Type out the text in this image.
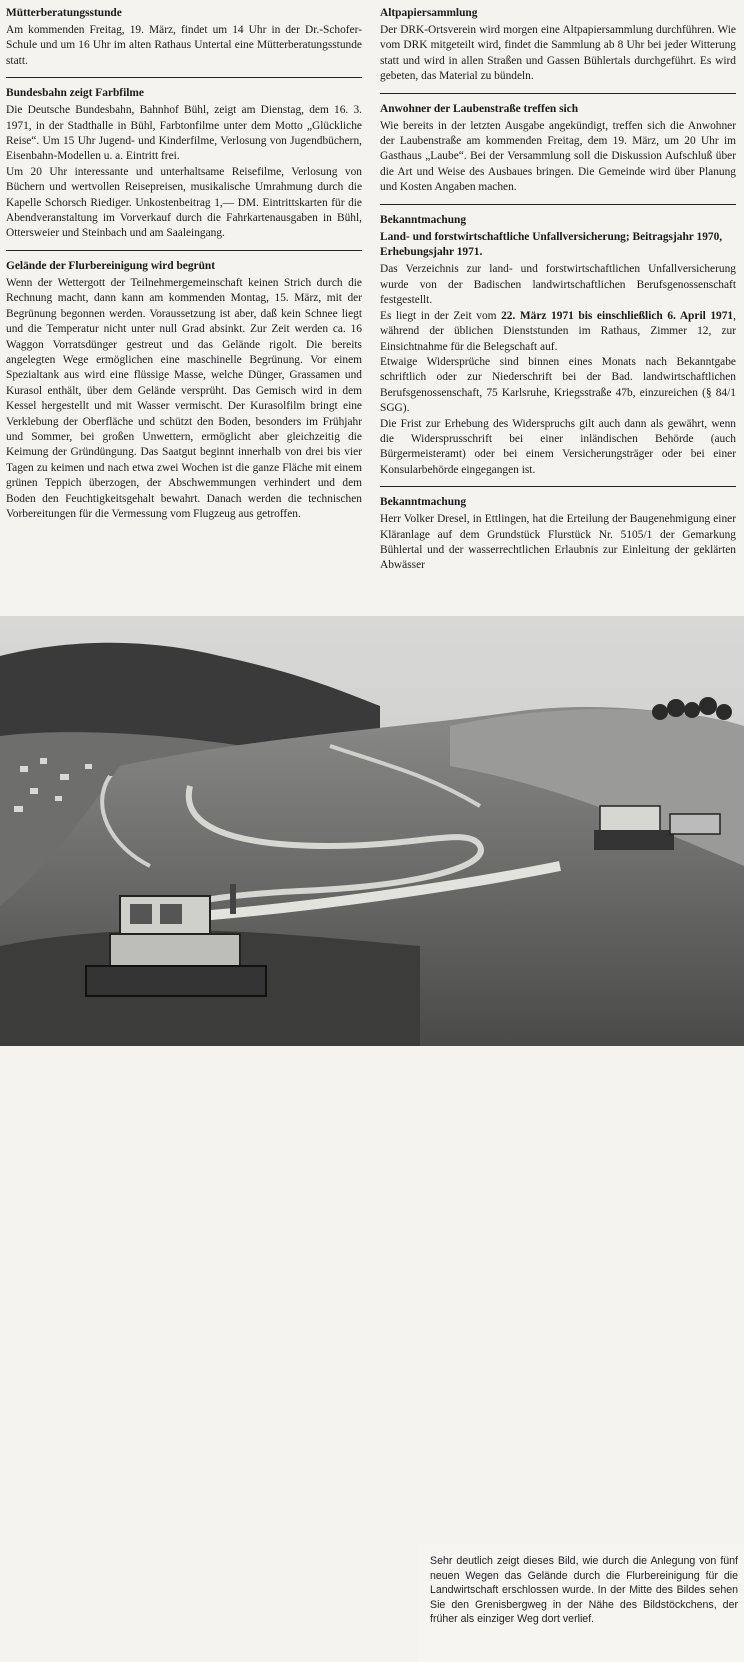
Mütterberatungsstunde

Am kommenden Freitag, 19. März, findet um 14 Uhr in der Dr.-Schofer-Schule und um 16 Uhr im alten Rathaus Untertal eine Mütterberatungsstunde statt.

Bundesbahn zeigt Farbfilme

Die Deutsche Bundesbahn, Bahnhof Bühl, zeigt am Dienstag, dem 16. 3. 1971, in der Stadthalle in Bühl, Farbtonfilme unter dem Motto „Glückliche Reise“. Um 15 Uhr Jugend- und Kinderfilme, Verlosung von Jugendbüchern, Eisenbahn-Modellen u. a. Eintritt frei.

Um 20 Uhr interessante und unterhaltsame Reisefilme, Verlosung von Büchern und wertvollen Reisepreisen, musikalische Umrahmung durch die Kapelle Schorsch Riediger. Unkostenbeitrag 1,— DM. Eintrittskarten für die Abendveranstaltung im Vorverkauf durch die Fahrkartenausgaben in Bühl, Ottersweier und Steinbach und am Saaleingang.

Gelände der Flurbereinigung wird begrünt

Wenn der Wettergott der Teilnehmergemeinschaft keinen Strich durch die Rechnung macht, dann kann am kommenden Montag, 15. März, mit der Begrünung begonnen werden. Voraussetzung ist aber, daß kein Schnee liegt und die Temperatur nicht unter null Grad absinkt. Zur Zeit werden ca. 16 Waggon Vorratsdünger gestreut und das Gelände rigolt. Die bereits angelegten Wege ermöglichen eine maschinelle Begrünung. Vor einem Spezialtank aus wird eine flüssige Masse, welche Dünger, Grassamen und Kurasol enthält, über dem Gelände versprüht. Das Gemisch wird in dem Kessel hergestellt und mit Wasser vermischt. Der Kurasolfilm bringt eine Verklebung der Oberfläche und schützt den Boden, besonders im Frühjahr und Sommer, bei großen Unwettern, ermöglicht aber gleichzeitig die Keimung der Gründüngung. Das Saatgut beginnt innerhalb von drei bis vier Tagen zu keimen und nach etwa zwei Wochen ist die ganze Fläche mit einem grünen Teppich überzogen, der Abschwemmungen verhindert und dem Boden den Feuchtigkeitsgehalt bewahrt. Danach werden die technischen Vorbereitungen für die Vermessung vom Flugzeug aus getroffen.

Altpapiersammlung

Der DRK-Ortsverein wird morgen eine Altpapiersammlung durchführen. Wie vom DRK mitgeteilt wird, findet die Sammlung ab 8 Uhr bei jeder Witterung statt und wird in allen Straßen und Gassen Bühlertals durchgeführt. Es wird gebeten, das Material zu bündeln.

Anwohner der Laubenstraße treffen sich

Wie bereits in der letzten Ausgabe angekündigt, treffen sich die Anwohner der Laubenstraße am kommenden Freitag, dem 19. März, um 20 Uhr im Gasthaus „Laube“. Bei der Versammlung soll die Diskussion Aufschluß über die Art und Weise des Ausbaues bringen. Die Gemeinde wird über Planung und Kosten Angaben machen.

Bekanntmachung
Land- und forstwirtschaftliche Unfallversicherung; Beitragsjahr 1970, Erhebungsjahr 1971.

Das Verzeichnis zur land- und forstwirtschaftlichen Unfallversicherung wurde von der Badischen landwirtschaftlichen Berufsgenossenschaft festgestellt.

Es liegt in der Zeit vom 22. März 1971 bis einschließlich 6. April 1971, während der üblichen Dienststunden im Rathaus, Zimmer 12, zur Einsichtnahme für die Belegschaft auf.

Etwaige Widersprüche sind binnen eines Monats nach Bekanntgabe schriftlich oder zur Niederschrift bei der Bad. landwirtschaftlichen Berufsgenossenschaft, 75 Karlsruhe, Kriegsstraße 47b, einzureichen (§ 84/1 SGG).

Die Frist zur Erhebung des Widerspruchs gilt auch dann als gewährt, wenn die Widersprusschrift bei einer inländischen Behörde (auch Bürgermeisteramt) oder bei einem Versicherungsträger oder bei einer Konsularbehörde eingegangen ist.

Bekanntmachung

Herr Volker Dresel, in Ettlingen, hat die Erteilung der Baugenehmigung einer Kläranlage auf dem Grundstück Flurstück Nr. 5105/1 der Gemarkung Bühlertal und der wasserrechtlichen Erlaubnis zur Einleitung der geklärten Abwässer

Sehr deutlich zeigt dieses Bild, wie durch die Anlegung von fünf neuen Wegen das Gelände durch die Flurbereinigung für die Landwirtschaft erschlossen wurde. In der Mitte des Bildes sehen Sie den Grenisbergweg in der Nähe des Bildstöckchens, der früher als einziger Weg dort verlief.
